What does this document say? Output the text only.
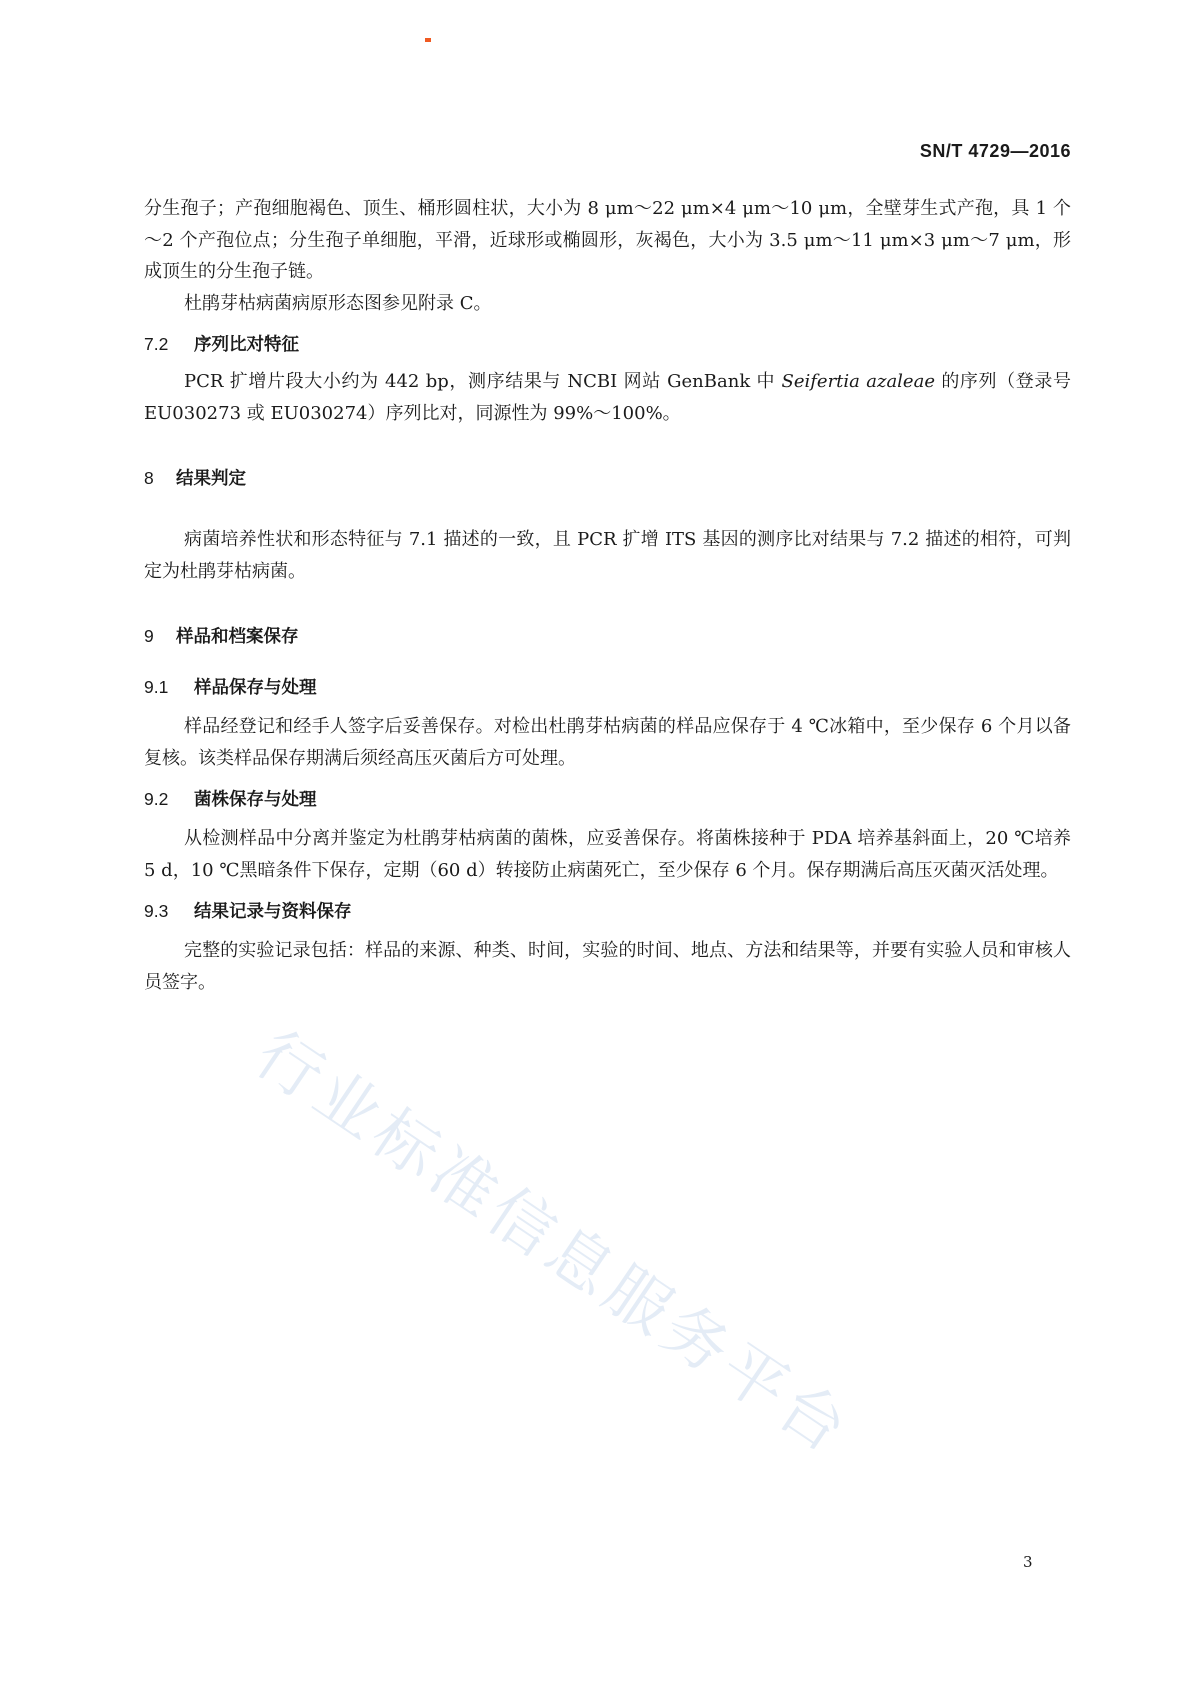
SN/T 4729—2016
行业标准信息服务平台

分生孢子；产孢细胞褐色、顶生、桶形圆柱状，大小为 8 μm～22 μm×4 μm～10 μm，全壁芽生式产孢，具 1 个～2 个产孢位点；分生孢子单细胞，平滑，近球形或椭圆形，灰褐色，大小为 3.5 μm～11 μm×3 μm～7 μm，形成顶生的分生孢子链。

杜鹃芽枯病菌病原形态图参见附录 C。

7.2 序列比对特征

PCR 扩增片段大小约为 442 bp，测序结果与 NCBI 网站 GenBank 中 Seifertia azaleae 的序列（登录号 EU030273 或 EU030274）序列比对，同源性为 99%～100%。

8 结果判定

病菌培养性状和形态特征与 7.1 描述的一致，且 PCR 扩增 ITS 基因的测序比对结果与 7.2 描述的相符，可判定为杜鹃芽枯病菌。

9 样品和档案保存

9.1 样品保存与处理

样品经登记和经手人签字后妥善保存。对检出杜鹃芽枯病菌的样品应保存于 4 ℃冰箱中，至少保存 6 个月以备复核。该类样品保存期满后须经高压灭菌后方可处理。

9.2 菌株保存与处理

从检测样品中分离并鉴定为杜鹃芽枯病菌的菌株，应妥善保存。将菌株接种于 PDA 培养基斜面上，20 ℃培养 5 d，10 ℃黑暗条件下保存，定期（60 d）转接防止病菌死亡，至少保存 6 个月。保存期满后高压灭菌灭活处理。

9.3 结果记录与资料保存

完整的实验记录包括：样品的来源、种类、时间，实验的时间、地点、方法和结果等，并要有实验人员和审核人员签字。

3
